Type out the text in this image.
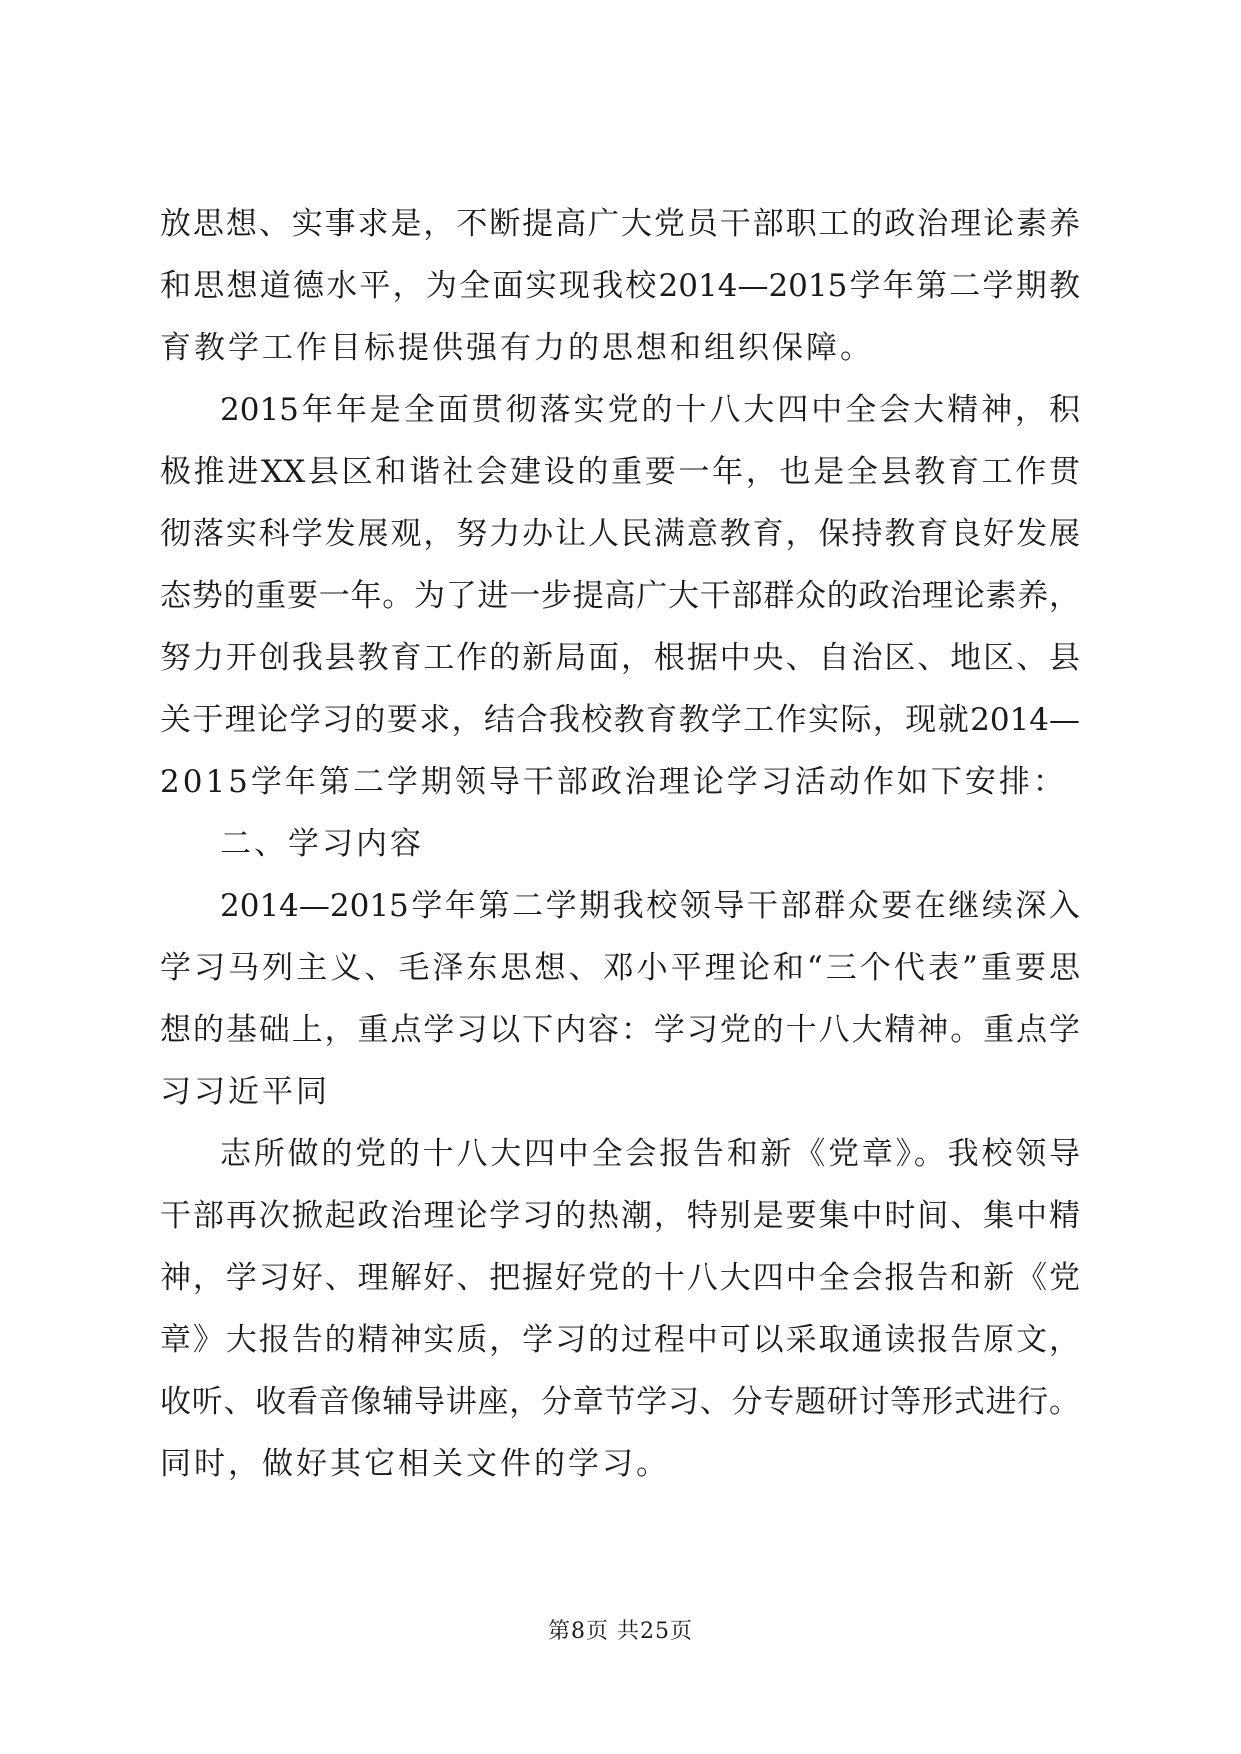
放思想、实事求是，不断提高广大党员干部职工的政治理论素养
和思想道德水平，为全面实现我校2014—2015学年第二学期教
育教学工作目标提供强有力的思想和组织保障。
2015年年是全面贯彻落实党的十八大四中全会大精神，积
极推进XX县区和谐社会建设的重要一年，也是全县教育工作贯
彻落实科学发展观，努力办让人民满意教育，保持教育良好发展
态势的重要一年。为了进一步提高广大干部群众的政治理论素养，
努力开创我县教育工作的新局面，根据中央、自治区、地区、县
关于理论学习的要求，结合我校教育教学工作实际，现就2014—
2015学年第二学期领导干部政治理论学习活动作如下安排：
二、学习内容
2014—2015学年第二学期我校领导干部群众要在继续深入
学习马列主义、毛泽东思想、邓小平理论和“三个代表”重要思
想的基础上，重点学习以下内容：学习党的十八大精神。重点学
习习近平同
志所做的党的十八大四中全会报告和新《党章》。我校领导
干部再次掀起政治理论学习的热潮，特别是要集中时间、集中精
神，学习好、理解好、把握好党的十八大四中全会报告和新《党
章》大报告的精神实质，学习的过程中可以采取通读报告原文，
收听、收看音像辅导讲座，分章节学习、分专题研讨等形式进行。
同时，做好其它相关文件的学习。
第8页 共25页
